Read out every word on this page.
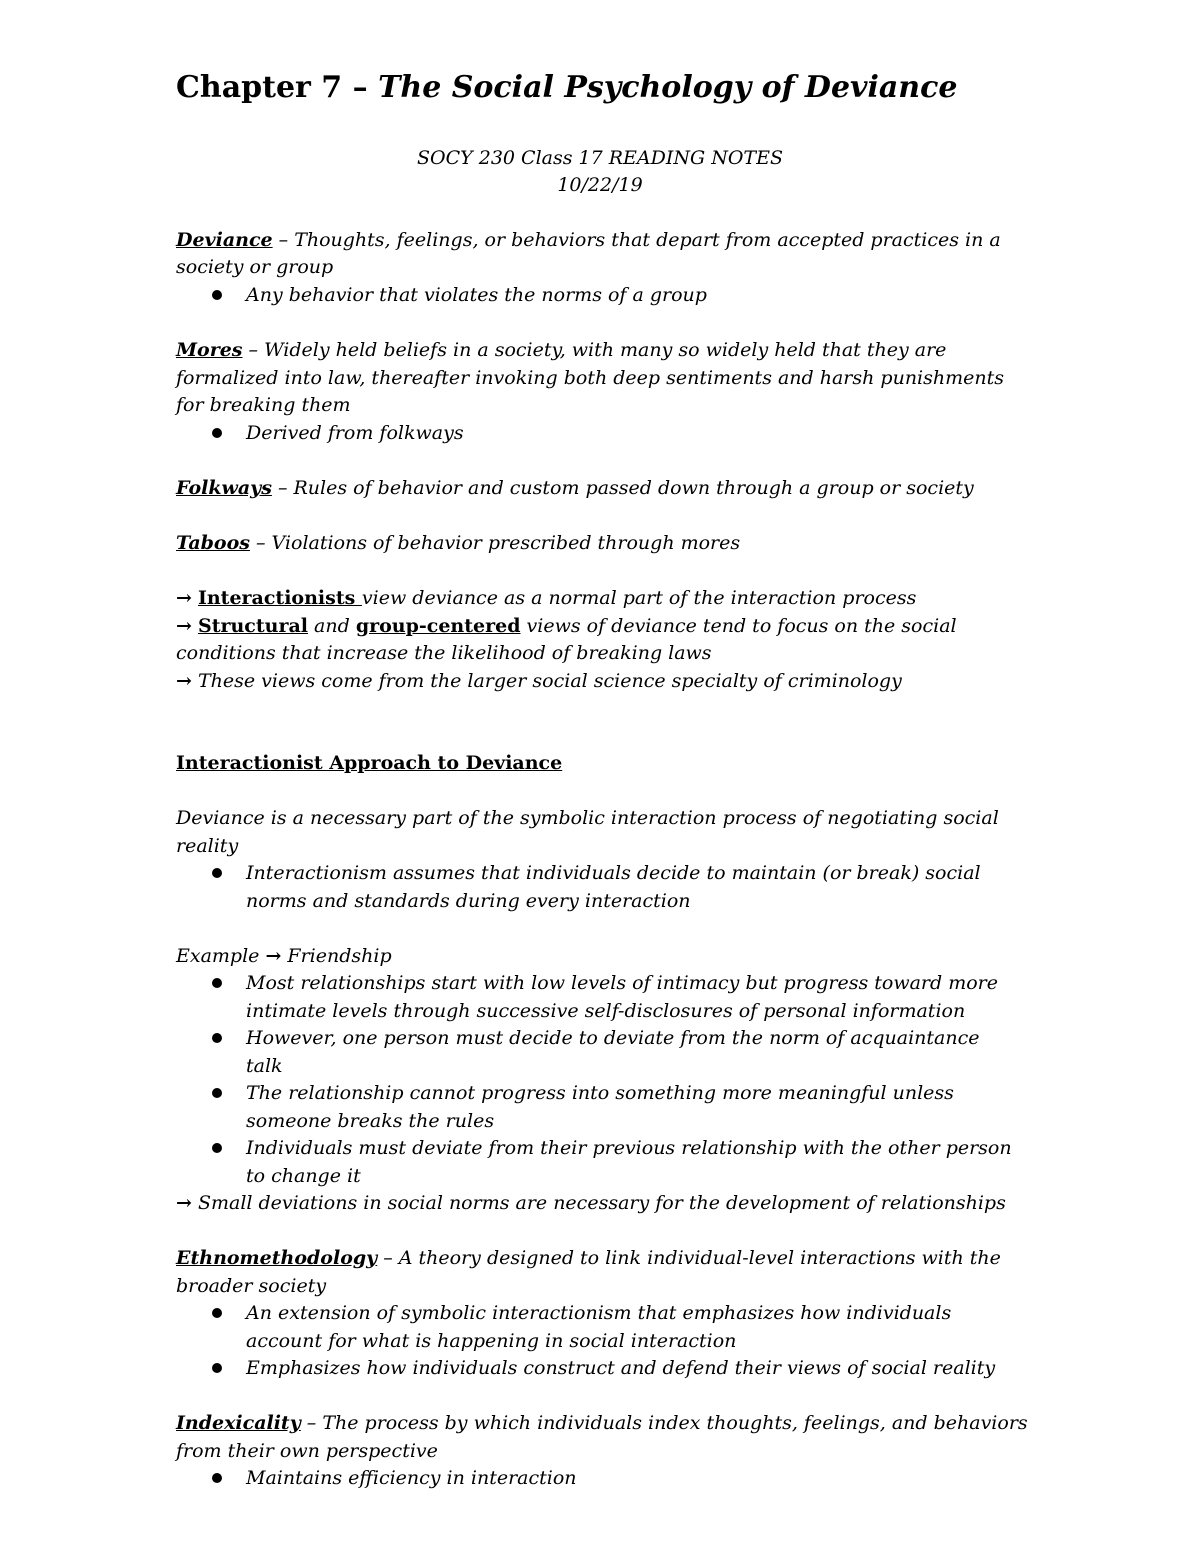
Chapter 7 – The Social Psychology of Deviance
SOCY 230 Class 17 READING NOTES
10/22/19
Deviance – Thoughts, feelings, or behaviors that depart from accepted practices in a
society or group
Any behavior that violates the norms of a group
Mores – Widely held beliefs in a society, with many so widely held that they are
formalized into law, thereafter invoking both deep sentiments and harsh punishments
for breaking them
Derived from folkways
Folkways – Rules of behavior and custom passed down through a group or society
Taboos – Violations of behavior prescribed through mores
→ Interactionists view deviance as a normal part of the interaction process
→ Structural and group-centered views of deviance tend to focus on the social
conditions that increase the likelihood of breaking laws
→ These views come from the larger social science specialty of criminology
Interactionist Approach to Deviance
Deviance is a necessary part of the symbolic interaction process of negotiating social
reality
Interactionism assumes that individuals decide to maintain (or break) social
norms and standards during every interaction
Example → Friendship
Most relationships start with low levels of intimacy but progress toward more
intimate levels through successive self-disclosures of personal information
However, one person must decide to deviate from the norm of acquaintance
talk
The relationship cannot progress into something more meaningful unless
someone breaks the rules
Individuals must deviate from their previous relationship with the other person
to change it
→ Small deviations in social norms are necessary for the development of relationships
Ethnomethodology – A theory designed to link individual-level interactions with the
broader society
An extension of symbolic interactionism that emphasizes how individuals
account for what is happening in social interaction
Emphasizes how individuals construct and defend their views of social reality
Indexicality – The process by which individuals index thoughts, feelings, and behaviors
from their own perspective
Maintains efficiency in interaction
